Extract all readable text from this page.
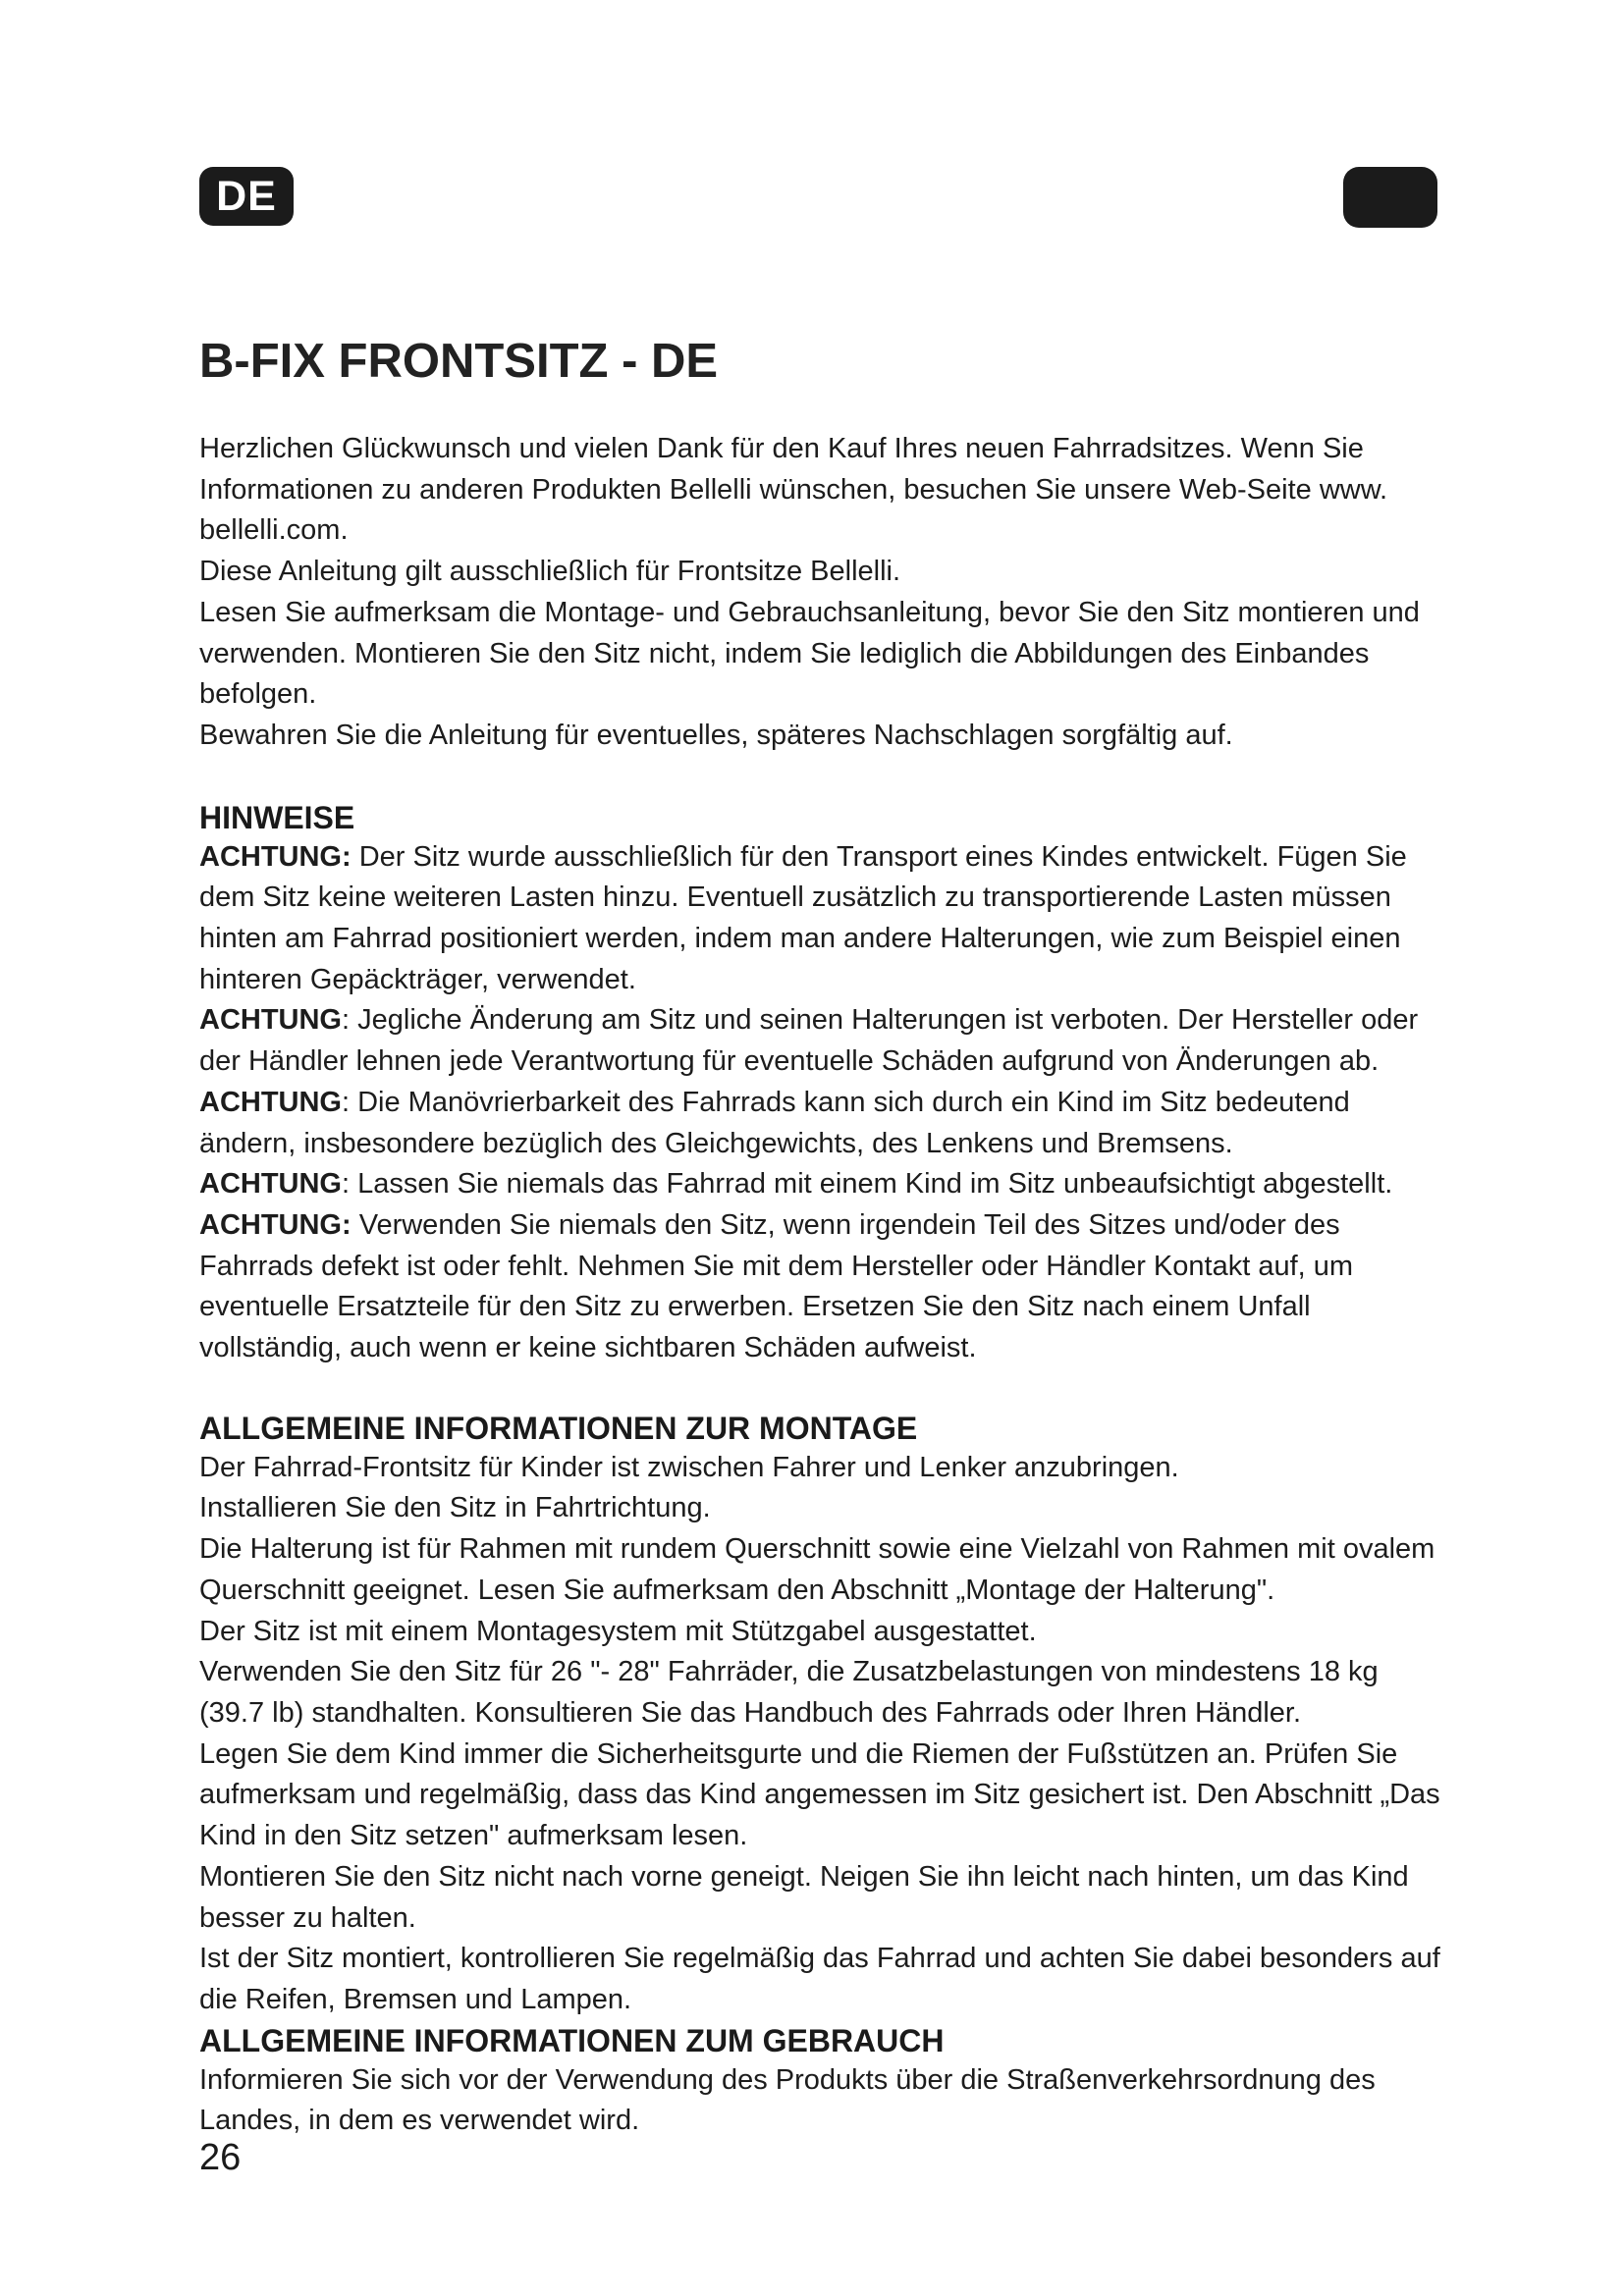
DE
B-FIX FRONTSITZ - DE

Herzlichen Glückwunsch und vielen Dank für den Kauf Ihres neuen Fahrradsitzes. Wenn Sie Informationen zu anderen Produkten Bellelli wünschen, besuchen Sie unsere Web-Seite www. bellelli.com.

Diese Anleitung gilt ausschließlich für Frontsitze Bellelli.

Lesen Sie aufmerksam die Montage- und Gebrauchsanleitung, bevor Sie den Sitz montieren und verwenden. Montieren Sie den Sitz nicht, indem Sie lediglich die Abbildungen des Einbandes befolgen.

Bewahren Sie die Anleitung für eventuelles, späteres Nachschlagen sorgfältig auf.

HINWEISE

ACHTUNG: Der Sitz wurde ausschließlich für den Transport eines Kindes entwickelt. Fügen Sie dem Sitz keine weiteren Lasten hinzu. Eventuell zusätzlich zu transportierende Lasten müssen hinten am Fahrrad positioniert werden, indem man andere Halterungen, wie zum Beispiel einen hinteren Gepäckträger, verwendet.

ACHTUNG: Jegliche Änderung am Sitz und seinen Halterungen ist verboten. Der Hersteller oder der Händler lehnen jede Verantwortung für eventuelle Schäden aufgrund von Änderungen ab.

ACHTUNG: Die Manövrierbarkeit des Fahrrads kann sich durch ein Kind im Sitz bedeutend ändern, insbesondere bezüglich des Gleichgewichts, des Lenkens und Bremsens.

ACHTUNG: Lassen Sie niemals das Fahrrad mit einem Kind im Sitz unbeaufsichtigt abgestellt.

ACHTUNG: Verwenden Sie niemals den Sitz, wenn irgendein Teil des Sitzes und/oder des Fahrrads defekt ist oder fehlt. Nehmen Sie mit dem Hersteller oder Händler Kontakt auf, um eventuelle Ersatzteile für den Sitz zu erwerben. Ersetzen Sie den Sitz nach einem Unfall vollständig, auch wenn er keine sichtbaren Schäden aufweist.

ALLGEMEINE INFORMATIONEN ZUR MONTAGE

Der Fahrrad-Frontsitz für Kinder ist zwischen Fahrer und Lenker anzubringen.

Installieren Sie den Sitz in Fahrtrichtung.

Die Halterung ist für Rahmen mit rundem Querschnitt sowie eine Vielzahl von Rahmen mit ovalem Querschnitt geeignet. Lesen Sie aufmerksam den Abschnitt „Montage der Halterung".

Der Sitz ist mit einem Montagesystem mit Stützgabel ausgestattet.

Verwenden Sie den Sitz für 26 "- 28" Fahrräder, die Zusatzbelastungen von mindestens 18 kg (39.7 lb) standhalten. Konsultieren Sie das Handbuch des Fahrrads oder Ihren Händler.

Legen Sie dem Kind immer die Sicherheitsgurte und die Riemen der Fußstützen an. Prüfen Sie aufmerksam und regelmäßig, dass das Kind angemessen im Sitz gesichert ist. Den Abschnitt „Das Kind in den Sitz setzen" aufmerksam lesen.

Montieren Sie den Sitz nicht nach vorne geneigt. Neigen Sie ihn leicht nach hinten, um das Kind besser zu halten.

Ist der Sitz montiert, kontrollieren Sie regelmäßig das Fahrrad und achten Sie dabei besonders auf die Reifen, Bremsen und Lampen.

ALLGEMEINE INFORMATIONEN ZUM GEBRAUCH

Informieren Sie sich vor der Verwendung des Produkts über die Straßenverkehrsordnung des Landes, in dem es verwendet wird.

26
